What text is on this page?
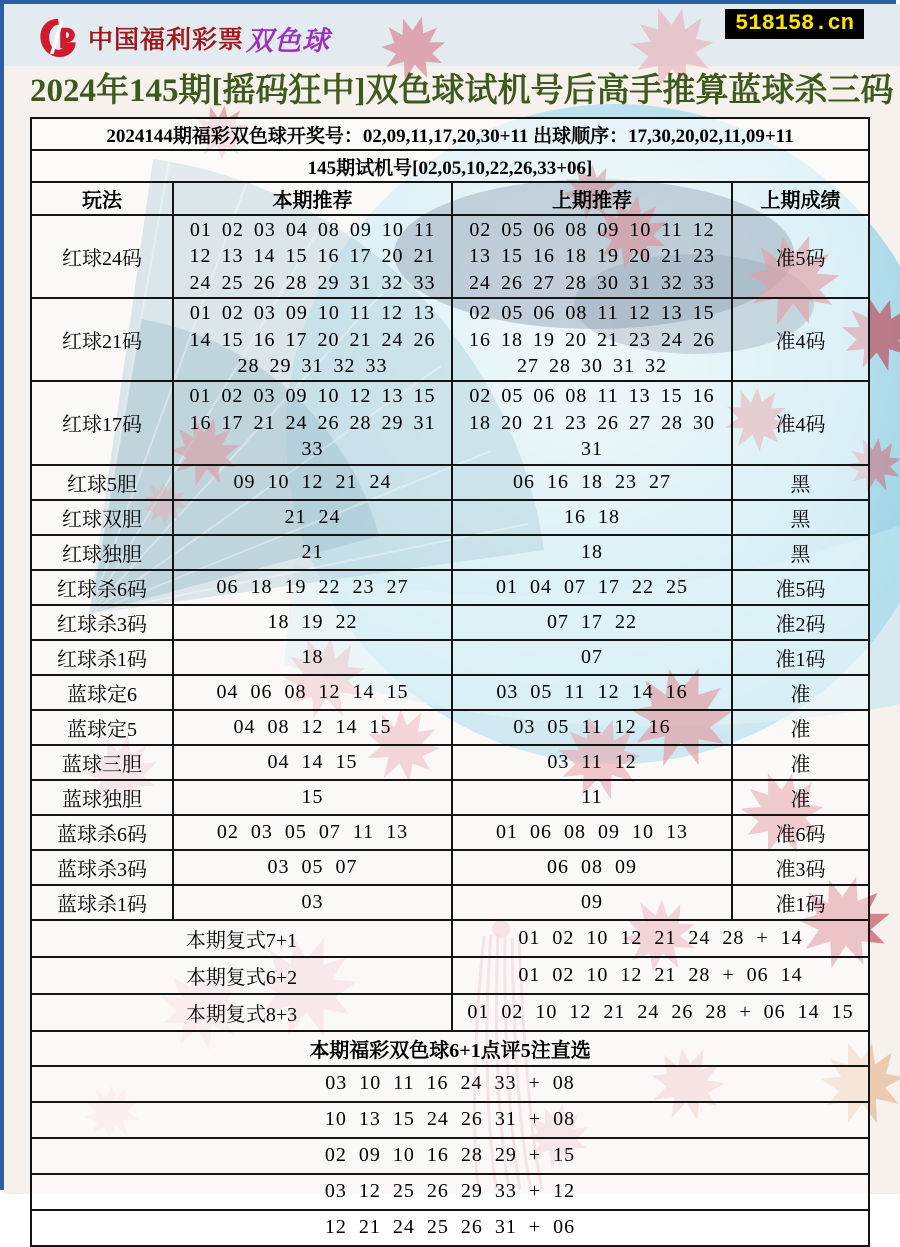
中国福利彩票 双色球
518158.cn
2024年145期[摇码狂中]双色球试机号后高手推算蓝球杀三码
2024144期福彩双色球开奖号：02,09,11,17,20,30+11 出球顺序：17,30,20,02,11,09+11			
145期试机号[02,05,10,22,26,33+06]			
玩法	本期推荐	上期推荐	上期成绩
红球24码	01 02 03 04 08 09 10 11 12 13 14 15 16 17 20 21 24 25 26 28 29 31 32 33	02 05 06 08 09 10 11 12 13 15 16 18 19 20 21 23 24 26 27 28 30 31 32 33	准5码
红球21码	01 02 03 09 10 11 12 13 14 15 16 17 20 21 24 26 28 29 31 32 33	02 05 06 08 11 12 13 15 16 18 19 20 21 23 24 26 27 28 30 31 32	准4码
红球17码	01 02 03 09 10 12 13 15 16 17 21 24 26 28 29 31 33	02 05 06 08 11 13 15 16 18 20 21 23 26 27 28 30 31	准4码
红球5胆	09 10 12 21 24	06 16 18 23 27	黑
红球双胆	21 24	16 18	黑
红球独胆	21	18	黑
红球杀6码	06 18 19 22 23 27	01 04 07 17 22 25	准5码
红球杀3码	18 19 22	07 17 22	准2码
红球杀1码	18	07	准1码
蓝球定6	04 06 08 12 14 15	03 05 11 12 14 16	准
蓝球定5	04 08 12 14 15	03 05 11 12 16	准
蓝球三胆	04 14 15	03 11 12	准
蓝球独胆	15	11	准
蓝球杀6码	02 03 05 07 11 13	01 06 08 09 10 13	准6码
蓝球杀3码	03 05 07	06 08 09	准3码
蓝球杀1码	03	09	准1码
本期复式7+1		01 02 10 12 21 24 28 + 14	
本期复式6+2		01 02 10 12 21 28 + 06 14	
本期复式8+3		01 02 10 12 21 24 26 28 + 06 14 15	
本期福彩双色球6+1点评5注直选			
03 10 11 16 24 33 + 08			
10 13 15 24 26 31 + 08			
02 09 10 16 28 29 + 15			
03 12 25 26 29 33 + 12			
12 21 24 25 26 31 + 06			
